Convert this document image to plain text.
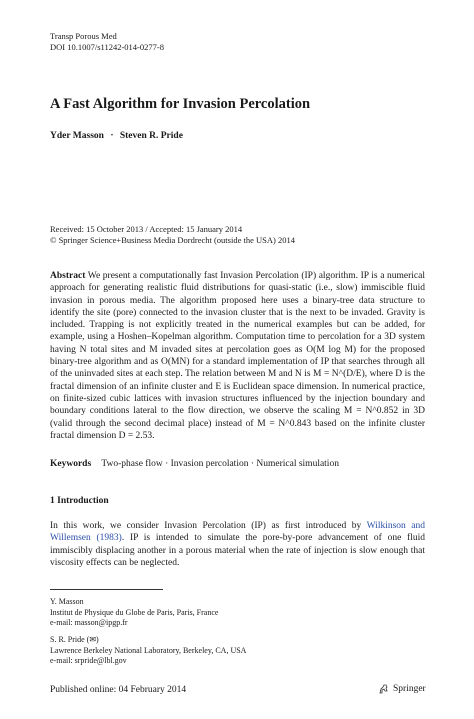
Transp Porous Med
DOI 10.1007/s11242-014-0277-8
A Fast Algorithm for Invasion Percolation
Yder Masson · Steven R. Pride
Received: 15 October 2013 / Accepted: 15 January 2014
© Springer Science+Business Media Dordrecht (outside the USA) 2014
Abstract We present a computationally fast Invasion Percolation (IP) algorithm. IP is a numerical approach for generating realistic fluid distributions for quasi-static (i.e., slow) immiscible fluid invasion in porous media. The algorithm proposed here uses a binary-tree data structure to identify the site (pore) connected to the invasion cluster that is the next to be invaded. Gravity is included. Trapping is not explicitly treated in the numerical examples but can be added, for example, using a Hoshen–Kopelman algorithm. Computation time to percolation for a 3D system having N total sites and M invaded sites at percolation goes as O(M log M) for the proposed binary-tree algorithm and as O(MN) for a standard implementation of IP that searches through all of the uninvaded sites at each step. The relation between M and N is M = N^(D/E), where D is the fractal dimension of an infinite cluster and E is Euclidean space dimension. In numerical practice, on finite-sized cubic lattices with invasion structures influenced by the injection boundary and boundary conditions lateral to the flow direction, we observe the scaling M = N^0.852 in 3D (valid through the second decimal place) instead of M = N^0.843 based on the infinite cluster fractal dimension D = 2.53.
Keywords Two-phase flow · Invasion percolation · Numerical simulation
1 Introduction
In this work, we consider Invasion Percolation (IP) as first introduced by Wilkinson and Willemsen (1983). IP is intended to simulate the pore-by-pore advancement of one fluid immiscibly displacing another in a porous material when the rate of injection is slow enough that viscosity effects can be neglected.
Y. Masson
Institut de Physique du Globe de Paris, Paris, France
e-mail: masson@ipgp.fr
S. R. Pride (✉)
Lawrence Berkeley National Laboratory, Berkeley, CA, USA
e-mail: srpride@lbl.gov
Published online: 04 February 2014	Springer
